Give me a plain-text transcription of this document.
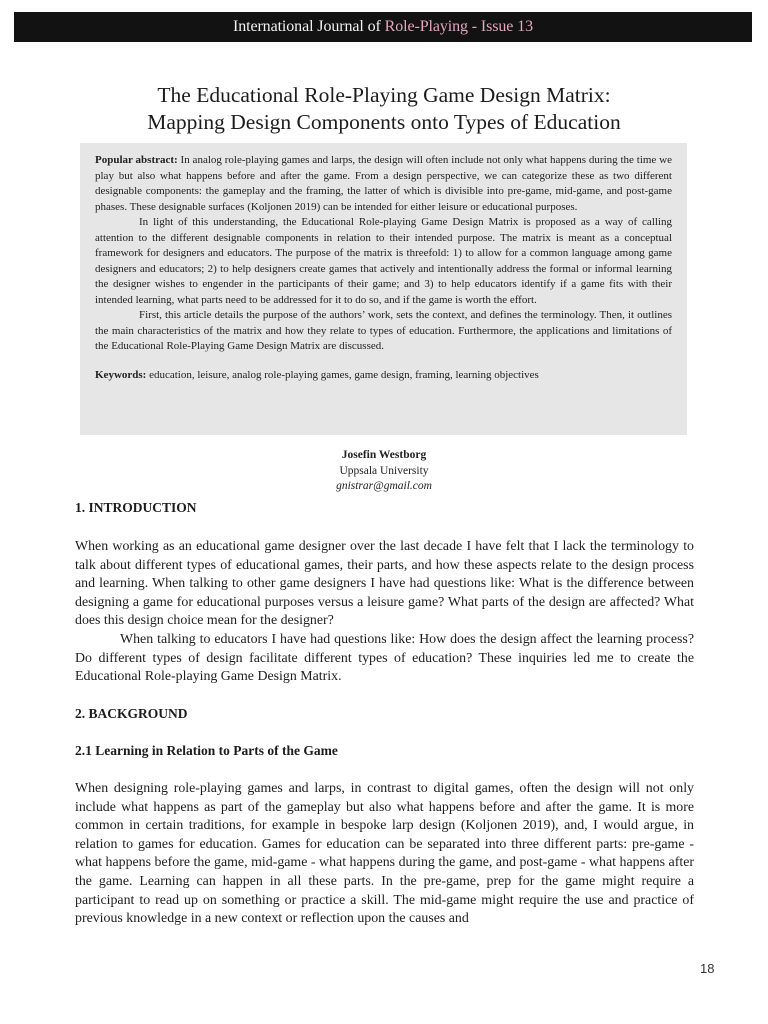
International Journal of Role-Playing - Issue 13
The Educational Role-Playing Game Design Matrix:
Mapping Design Components onto Types of Education

Popular abstract: In analog role-playing games and larps, the design will often include not only what happens during the time we play but also what happens before and after the game. From a design perspective, we can categorize these as two different designable components: the gameplay and the framing, the latter of which is divisible into pre-game, mid-game, and post-game phases. These designable surfaces (Koljonen 2019) can be intended for either leisure or educational purposes.

In light of this understanding, the Educational Role-playing Game Design Matrix is proposed as a way of calling attention to the different designable components in relation to their intended purpose. The matrix is meant as a conceptual framework for designers and educators. The purpose of the matrix is threefold: 1) to allow for a common language among game designers and educators; 2) to help designers create games that actively and intentionally address the formal or informal learning the designer wishes to engender in the participants of their game; and 3) to help educators identify if a game fits with their intended learning, what parts need to be addressed for it to do so, and if the game is worth the effort.

First, this article details the purpose of the authors’ work, sets the context, and defines the terminology. Then, it outlines the main characteristics of the matrix and how they relate to types of education. Furthermore, the applications and limitations of the Educational Role-Playing Game Design Matrix are discussed.

Keywords: education, leisure, analog role-playing games, game design, framing, learning objectives

Josefin Westborg
Uppsala University
gnistrar@gmail.com
1. INTRODUCTION

When working as an educational game designer over the last decade I have felt that I lack the terminology to talk about different types of educational games, their parts, and how these aspects relate to the design process and learning. When talking to other game designers I have had questions like: What is the difference between designing a game for educational purposes versus a leisure game? What parts of the design are affected? What does this design choice mean for the designer?

When talking to educators I have had questions like: How does the design affect the learning process? Do different types of design facilitate different types of education? These inquiries led me to create the Educational Role-playing Game Design Matrix.

2. BACKGROUND
2.1 Learning in Relation to Parts of the Game

When designing role-playing games and larps, in contrast to digital games, often the design will not only include what happens as part of the gameplay but also what happens before and after the game. It is more common in certain traditions, for example in bespoke larp design (Koljonen 2019), and, I would argue, in relation to games for education. Games for education can be separated into three different parts: pre-game - what happens before the game, mid-game - what happens during the game, and post-game - what happens after the game. Learning can happen in all these parts. In the pre-game, prep for the game might require a participant to read up on something or practice a skill. The mid-game might require the use and practice of previous knowledge in a new context or reflection upon the causes and

18
